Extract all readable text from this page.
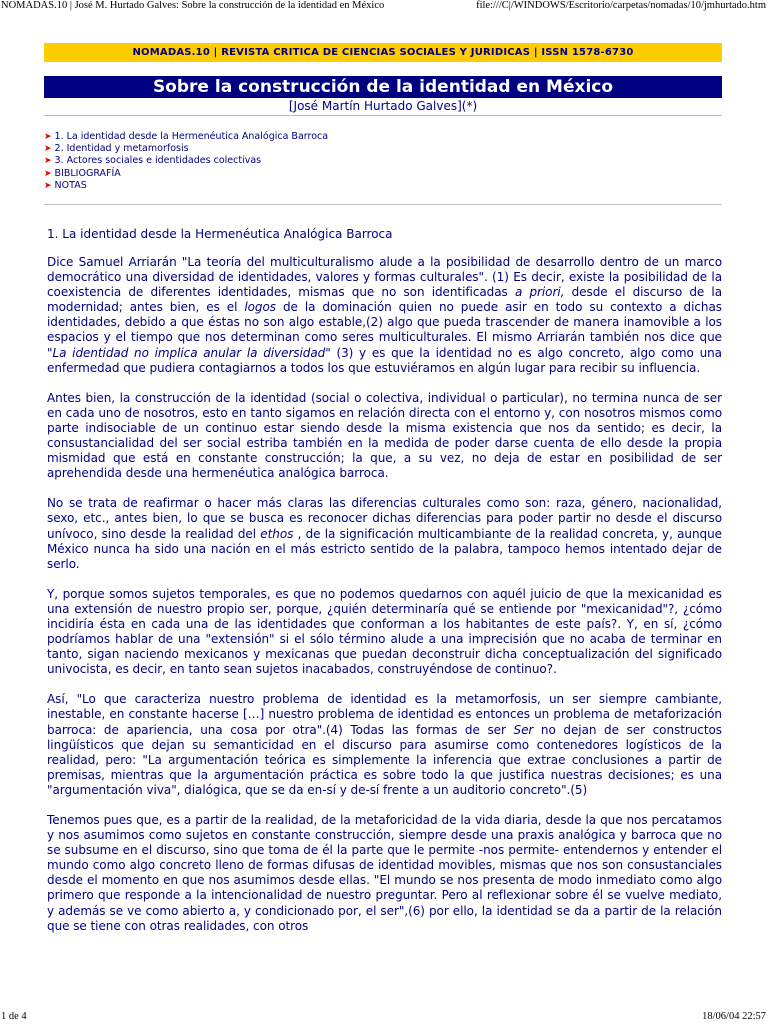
NOMADAS.10 | José M. Hurtado Galves: Sobre la construcción de la identidad en México	file:///C|/WINDOWS/Escritorio/carpetas/nomadas/10/jmhurtado.htm
NOMADAS.10 | REVISTA CRITICA DE CIENCIAS SOCIALES Y JURIDICAS | ISSN 1578-6730
Sobre la construcción de la identidad en México
[José Martín Hurtado Galves](*)
➤ 1. La identidad desde la Hermenéutica Analógica Barroca
➤ 2. Identidad y metamorfosis
➤ 3. Actores sociales e identidades colectivas
➤ BIBLIOGRAFÍA
➤ NOTAS
1. La identidad desde la Hermenéutica Analógica Barroca

Dice Samuel Arriarán "La teoría del multiculturalismo alude a la posibilidad de desarrollo dentro de un marco democrático una diversidad de identidades, valores y formas culturales". (1) Es decir, existe la posibilidad de la coexistencia de diferentes identidades, mismas que no son identificadas a priori, desde el discurso de la modernidad; antes bien, es el logos de la dominación quien no puede asir en todo su contexto a dichas identidades, debido a que éstas no son algo estable,(2) algo que pueda trascender de manera inamovible a los espacios y el tiempo que nos determinan como seres multiculturales. El mismo Arriarán también nos dice que "La identidad no implica anular la diversidad" (3) y es que la identidad no es algo concreto, algo como una enfermedad que pudiera contagiarnos a todos los que estuviéramos en algún lugar para recibir su influencia.

Antes bien, la construcción de la identidad (social o colectiva, individual o particular), no termina nunca de ser en cada uno de nosotros, esto en tanto sigamos en relación directa con el entorno y, con nosotros mismos como parte indisociable de un continuo estar siendo desde la misma existencia que nos da sentido; es decir, la consustancialidad del ser social estriba también en la medida de poder darse cuenta de ello desde la propia mismidad que está en constante construcción; la que, a su vez, no deja de estar en posibilidad de ser aprehendida desde una hermenéutica analógica barroca.

No se trata de reafirmar o hacer más claras las diferencias culturales como son: raza, género, nacionalidad, sexo, etc., antes bien, lo que se busca es reconocer dichas diferencias para poder partir no desde el discurso unívoco, sino desde la realidad del ethos , de la significación multicambiante de la realidad concreta, y, aunque México nunca ha sido una nación en el más estricto sentido de la palabra, tampoco hemos intentado dejar de serlo.

Y, porque somos sujetos temporales, es que no podemos quedarnos con aquél juicio de que la mexicanidad es una extensión de nuestro propio ser, porque, ¿quién determinaría qué se entiende por "mexicanidad"?, ¿cómo incidiría ésta en cada una de las identidades que conforman a los habitantes de este país?. Y, en sí, ¿cómo podríamos hablar de una "extensión" si el sólo término alude a una imprecisión que no acaba de terminar en tanto, sigan naciendo mexicanos y mexicanas que puedan deconstruir dicha conceptualización del significado univocista, es decir, en tanto sean sujetos inacabados, construyéndose de continuo?.

Así, "Lo que caracteriza nuestro problema de identidad es la metamorfosis, un ser siempre cambiante, inestable, en constante hacerse […] nuestro problema de identidad es entonces un problema de metaforización barroca: de apariencia, una cosa por otra".(4) Todas las formas de ser Ser no dejan de ser constructos lingüísticos que dejan su semanticidad en el discurso para asumirse como contenedores logísticos de la realidad, pero: "La argumentación teórica es simplemente la inferencia que extrae conclusiones a partir de premisas, mientras que la argumentación práctica es sobre todo la que justifica nuestras decisiones; es una "argumentación viva", dialógica, que se da en-sí y de-sí frente a un auditorio concreto".(5)

Tenemos pues que, es a partir de la realidad, de la metaforicidad de la vida diaria, desde la que nos percatamos y nos asumimos como sujetos en constante construcción, siempre desde una praxis analógica y barroca que no se subsume en el discurso, sino que toma de él la parte que le permite -nos permite- entendernos y entender el mundo como algo concreto lleno de formas difusas de identidad movibles, mismas que nos son consustanciales desde el momento en que nos asumimos desde ellas. "El mundo se nos presenta de modo inmediato como algo primero que responde a la intencionalidad de nuestro preguntar. Pero al reflexionar sobre él se vuelve mediato, y además se ve como abierto a, y condicionado por, el ser",(6) por ello, la identidad se da a partir de la relación que se tiene con otras realidades, con otros

1 de 4	18/06/04 22:57
